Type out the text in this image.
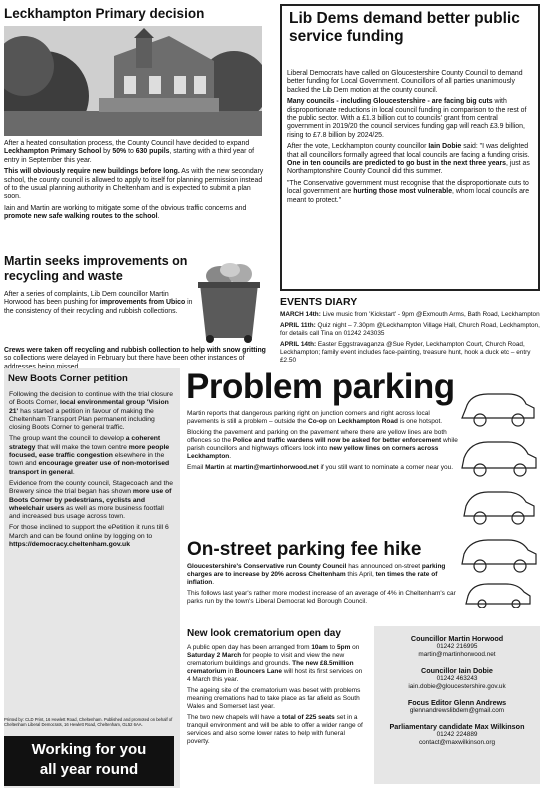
Leckhampton Primary decision

After a heated consultation process, the County Council have decided to expand Leckhampton Primary School by 50% to 630 pupils, starting with a third year of entry in September this year.

This will obviously require new buildings before long. As with the new secondary school, the county council is allowed to apply to itself for planning permission instead of to the usual planning authority in Cheltenham and is expected to submit a plan soon.

Iain and Martin are working to mitigate some of the obvious traffic concerns and promote new safe walking routes to the school.

Lib Dems demand better public service funding

Liberal Democrats have called on Gloucestershire County Council to demand better funding for Local Government. Councillors of all parties unanimously backed the Lib Dem motion at the county council.

Many councils - including Gloucestershire - are facing big cuts with disproportionate reductions in local council funding in comparison to the rest of the public sector. With a £1.3 billion cut to councils' grant from central government in 2019/20 the council services funding gap will reach £3.9 billion, rising to £7.8 billion by 2024/25.

After the vote, Leckhampton county councillor Iain Dobie said: "I was delighted that all councillors formally agreed that local councils are facing a funding crisis. One in ten councils are predicted to go bust in the next three years, just as Northamptonshire County Council did this summer.

"The Conservative government must recognise that the disproportionate cuts to local government are hurting those most vulnerable, whom local councils are meant to protect."

Martin seeks improvements on recycling and waste

After a series of complaints, Lib Dem councillor Martin Horwood has been pushing for improvements from Ubico in the consistency of their recycling and rubbish collections.

Crews were taken off recycling and rubbish collection to help with snow gritting so collections were delayed in February but there have been other instances of

EVENTS DIARY

MARCH 14th: Live music from 'Kickstart' - 9pm @Exmouth Arms, Bath Road, Leckhampton

APRIL 11th: Quiz night – 7.30pm @Leckhampton Village Hall, Church Road, Leckhampton, for details call Tina on 01242 243035

APRIL 14th: Easter Eggstravaganza @Sue Ryder, Leckhampton Court, Church Road, Leckhampton; family event includes face-painting, treasure hunt, hook a duck etc – entry £2.50

New Boots Corner petition

Following the decision to continue with the trial closure of Boots Corner, local environmental group 'Vision 21' has started a petition in favour of making the Cheltenham Transport Plan permanent including closing Boots Corner to general traffic.

The group want the council to develop a coherent strategy that will make the town centre more people focused, ease traffic congestion elsewhere in the town and encourage greater use of non-motorised transport in general.

Evidence from the county council, Stagecoach and the Brewery since the trial began has shown more use of Boots Corner by pedestrians, cyclists and wheelchair users as well as more business footfall and increased bus usage across town.

For those inclined to support the ePetition it runs till 6 March and can be found online by logging on to https://democracy.cheltenham.gov.uk

Printed by: CLD Print, 16 Hewlett Road, Cheltenham. Published and promoted on behalf of Cheltenham Liberal Democrats, 16 Hewlett Road, Cheltenham, GL52 6AA.
Working for you
all year round
Problem parking

Martin reports that dangerous parking right on junction corners and right across local pavements is still a problem – outside the Co-op on Leckhampton Road is one hotspot.

Blocking the pavement and parking on the pavement where there are yellow lines are both offences so the Police and traffic wardens will now be asked for better enforcement while parish councillors and highways officers look into new yellow lines on corners across Leckhampton.

Email Martin at martin@martinhorwood.net if you still want to nominate a corner near you.

On-street parking fee hike

Gloucestershire's Conservative run County Council has announced on-street parking charges are to increase by 20% across Cheltenham this April, ten times the rate of inflation.

This follows last year's rather more modest increase of an average of 4% in Cheltenham's car parks run by the town's Liberal Democrat led Borough Council.

New look crematorium open day

A public open day has been arranged from 10am to 5pm on Saturday 2 March for people to visit and view the new crematorium buildings and grounds. The new £8.5million crematorium in Bouncers Lane will host its first services on 4 March this year.

The ageing site of the crematorium was beset with problems meaning cremations had to take place as far afield as South Wales and Somerset last year.

The two new chapels will have a total of 225 seats set in a tranquil environment and will be able to offer a wider range of services and also some lower rates to help with funeral poverty.

Councillor Martin Horwood
01242 216995
martin@martinhorwood.net
Councillor Iain Dobie
01242 463243
iain.dobie@gloucestershire.gov.uk
Focus Editor Glenn Andrews
glennandrewslibdem@gmail.com
Parliamentary candidate Max Wilkinson
01242 224889
contact@maxwilkinson.org
